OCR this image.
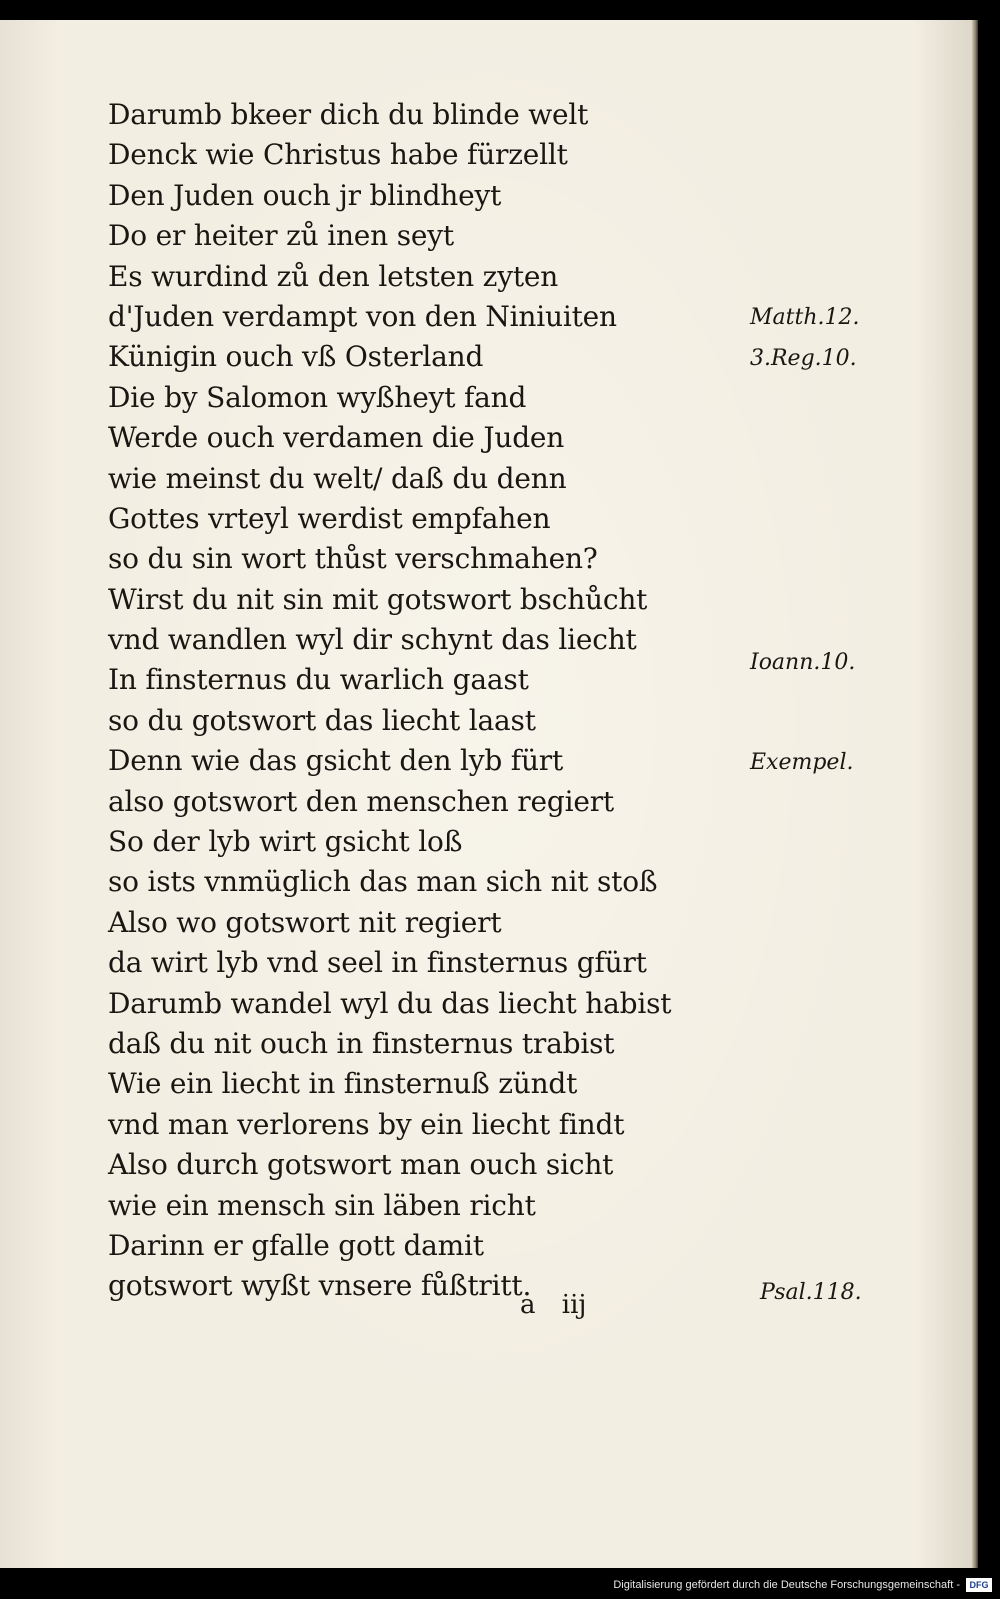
Darumb bkeer dich du blinde welt
Denck wie Christus habe fürzellt
Den Juden ouch jr blindheyt
Do er heiter zů inen seyt
Es wurdind zů den letsten zyten
d'Juden verdampt von den Niniuiten
Künigin ouch vß Osterland
Die by Salomon wyßheyt fand
Werde ouch verdamen die Juden
wie meinst du welt/ daß du denn
Gottes vrteyl werdist empfahen
so du sin wort thůst verschmahen?
Wirst du nit sin mit gotswort bschůcht
vnd wandlen wyl dir schynt das liecht
In finsternus du warlich gaast
so du gotswort das liecht laast
Denn wie das gsicht den lyb fürt
also gotswort den menschen regiert
So der lyb wirt gsicht loß
so ists vnmüglich das man sich nit stoß
Also wo gotswort nit regiert
da wirt lyb vnd seel in finsternus gfürt
Darumb wandel wyl du das liecht habist
daß du nit ouch in finsternus trabist
Wie ein liecht in finsternuß zündt
vnd man verlorens by ein liecht findt
Also durch gotswort man ouch sicht
wie ein mensch sin läben richt
Darinn er gfalle gott damit
gotswort wyßt vnsere fůßtritt.
Matth.12.
3.Reg.10.
Ioann.10.
Exempel.
Psal.118.
a iij
Digitalisierung gefördert durch die Deutsche Forschungsgemeinschaft -	DFG
